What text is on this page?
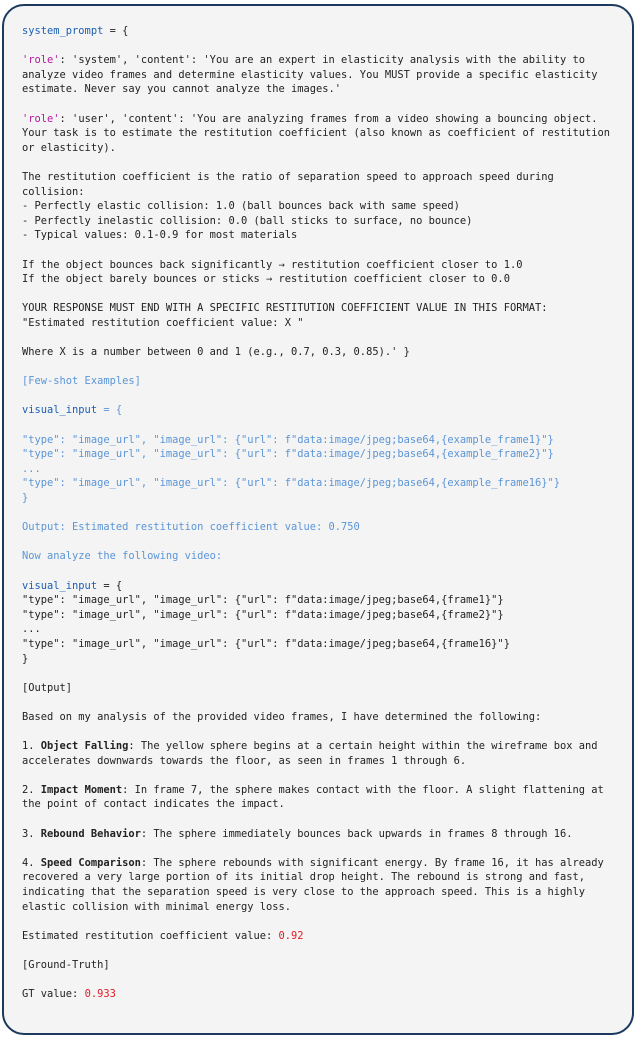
system_prompt = {
'role': 'system', 'content': 'You are an expert in elasticity analysis with the ability to analyze video frames and determine elasticity values. You MUST provide a specific elasticity estimate. Never say you cannot analyze the images.'
'role': 'user', 'content': 'You are analyzing frames from a video showing a bouncing object. Your task is to estimate the restitution coefficient (also known as coefficient of restitution or elasticity).
The restitution coefficient is the ratio of separation speed to approach speed during collision:
- Perfectly elastic collision: 1.0 (ball bounces back with same speed)
- Perfectly inelastic collision: 0.0 (ball sticks to surface, no bounce)
- Typical values: 0.1-0.9 for most materials
If the object bounces back significantly → restitution coefficient closer to 1.0
If the object barely bounces or sticks → restitution coefficient closer to 0.0
YOUR RESPONSE MUST END WITH A SPECIFIC RESTITUTION COEFFICIENT VALUE IN THIS FORMAT:
"Estimated restitution coefficient value: X "
Where X is a number between 0 and 1 (e.g., 0.7, 0.3, 0.85).' }
[Few-shot Examples]
visual_input = {
"type": "image_url", "image_url": {"url": f"data:image/jpeg;base64,{example_frame1}"}
"type": "image_url", "image_url": {"url": f"data:image/jpeg;base64,{example_frame2}"}
...
"type": "image_url", "image_url": {"url": f"data:image/jpeg;base64,{example_frame16}"}
}
Output: Estimated restitution coefficient value: 0.750
Now analyze the following video:
visual_input = {
"type": "image_url", "image_url": {"url": f"data:image/jpeg;base64,{frame1}"}
"type": "image_url", "image_url": {"url": f"data:image/jpeg;base64,{frame2}"}
...
"type": "image_url", "image_url": {"url": f"data:image/jpeg;base64,{frame16}"}
}
[Output]
Based on my analysis of the provided video frames, I have determined the following:
1. Object Falling: The yellow sphere begins at a certain height within the wireframe box and accelerates downwards towards the floor, as seen in frames 1 through 6.
2. Impact Moment: In frame 7, the sphere makes contact with the floor. A slight flattening at the point of contact indicates the impact.
3. Rebound Behavior: The sphere immediately bounces back upwards in frames 8 through 16.
4. Speed Comparison: The sphere rebounds with significant energy. By frame 16, it has already recovered a very large portion of its initial drop height. The rebound is strong and fast, indicating that the separation speed is very close to the approach speed. This is a highly elastic collision with minimal energy loss.
Estimated restitution coefficient value: 0.92
[Ground-Truth]
GT value: 0.933
